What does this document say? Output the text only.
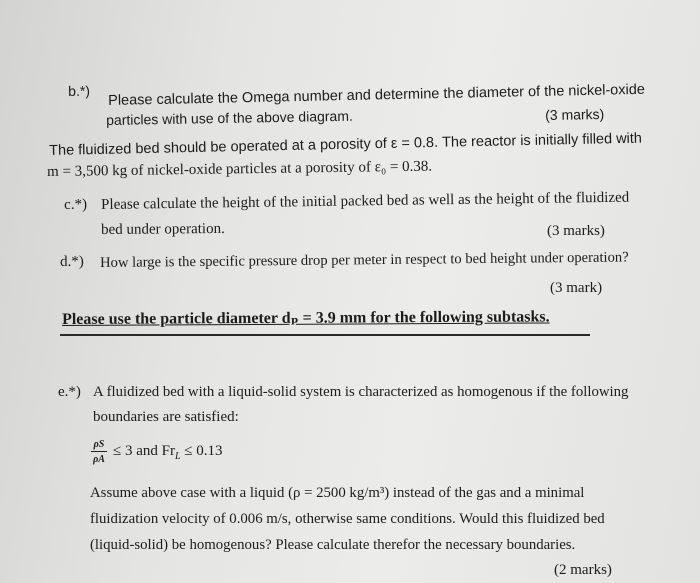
b.*) Please calculate the Omega number and determine the diameter of the nickel-oxide
particles with use of the above diagram.	(3 marks)
The fluidized bed should be operated at a porosity of ε = 0.8. The reactor is initially filled with
m = 3,500 kg of nickel-oxide particles at a porosity of ε₀ = 0.38.
c.*) Please calculate the height of the initial packed bed as well as the height of the fluidized
bed under operation.	(3 marks)
d.*) How large is the specific pressure drop per meter in respect to bed height under operation?
(3 mark)
Please use the particle diameter dₚ = 3.9 mm for the following subtasks.
e.*) A fluidized bed with a liquid-solid system is characterized as homogenous if the following
boundaries are satisfied:
ρS
ρA
≤ 3 and $Fr_L \le 0.13$
Assume above case with a liquid (ρ = 2500 kg/m³) instead of the gas and a minimal
fluidization velocity of 0.006 m/s, otherwise same conditions. Would this fluidized bed
(liquid-solid) be homogenous? Please calculate therefor the necessary boundaries.
(2 marks)
